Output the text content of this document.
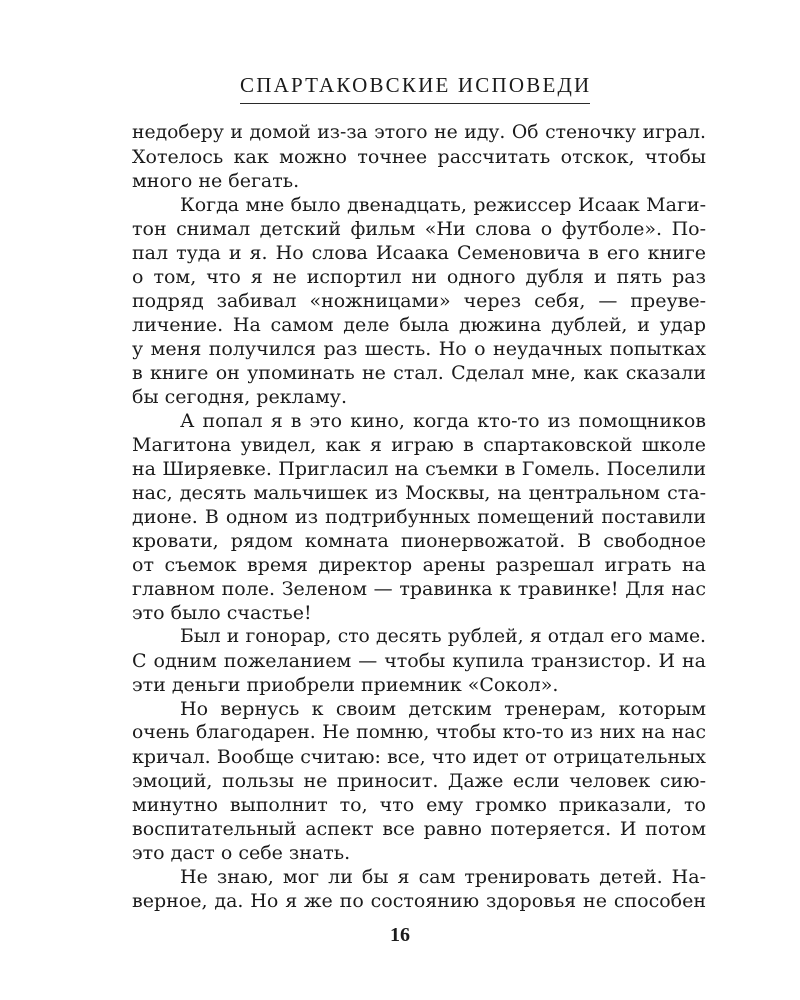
СПАРТАКОВСКИЕ ИСПОВЕДИ
недоберу и домой из-за этого не иду. Об стеночку играл.
Хотелось как можно точнее рассчитать отскок, чтобы
много не бегать.
Когда мне было двенадцать, режиссер Исаак Маги-
тон снимал детский фильм «Ни слова о футболе». По-
пал туда и я. Но слова Исаака Семеновича в его книге
о том, что я не испортил ни одного дубля и пять раз
подряд забивал «ножницами» через себя, — преуве-
личение. На самом деле была дюжина дублей, и удар
у меня получился раз шесть. Но о неудачных попытках
в книге он упоминать не стал. Сделал мне, как сказали
бы сегодня, рекламу.
А попал я в это кино, когда кто-то из помощников
Магитона увидел, как я играю в спартаковской школе
на Ширяевке. Пригласил на съемки в Гомель. Поселили
нас, десять мальчишек из Москвы, на центральном ста-
дионе. В одном из подтрибунных помещений поставили
кровати, рядом комната пионервожатой. В свободное
от съемок время директор арены разрешал играть на
главном поле. Зеленом — травинка к травинке! Для нас
это было счастье!
Был и гонорар, сто десять рублей, я отдал его маме.
С одним пожеланием — чтобы купила транзистор. И на
эти деньги приобрели приемник «Сокол».
Но вернусь к своим детским тренерам, которым
очень благодарен. Не помню, чтобы кто-то из них на нас
кричал. Вообще считаю: все, что идет от отрицательных
эмоций, пользы не приносит. Даже если человек сию-
минутно выполнит то, что ему громко приказали, то
воспитательный аспект все равно потеряется. И потом
это даст о себе знать.
Не знаю, мог ли бы я сам тренировать детей. На-
верное, да. Но я же по состоянию здоровья не способен
16
